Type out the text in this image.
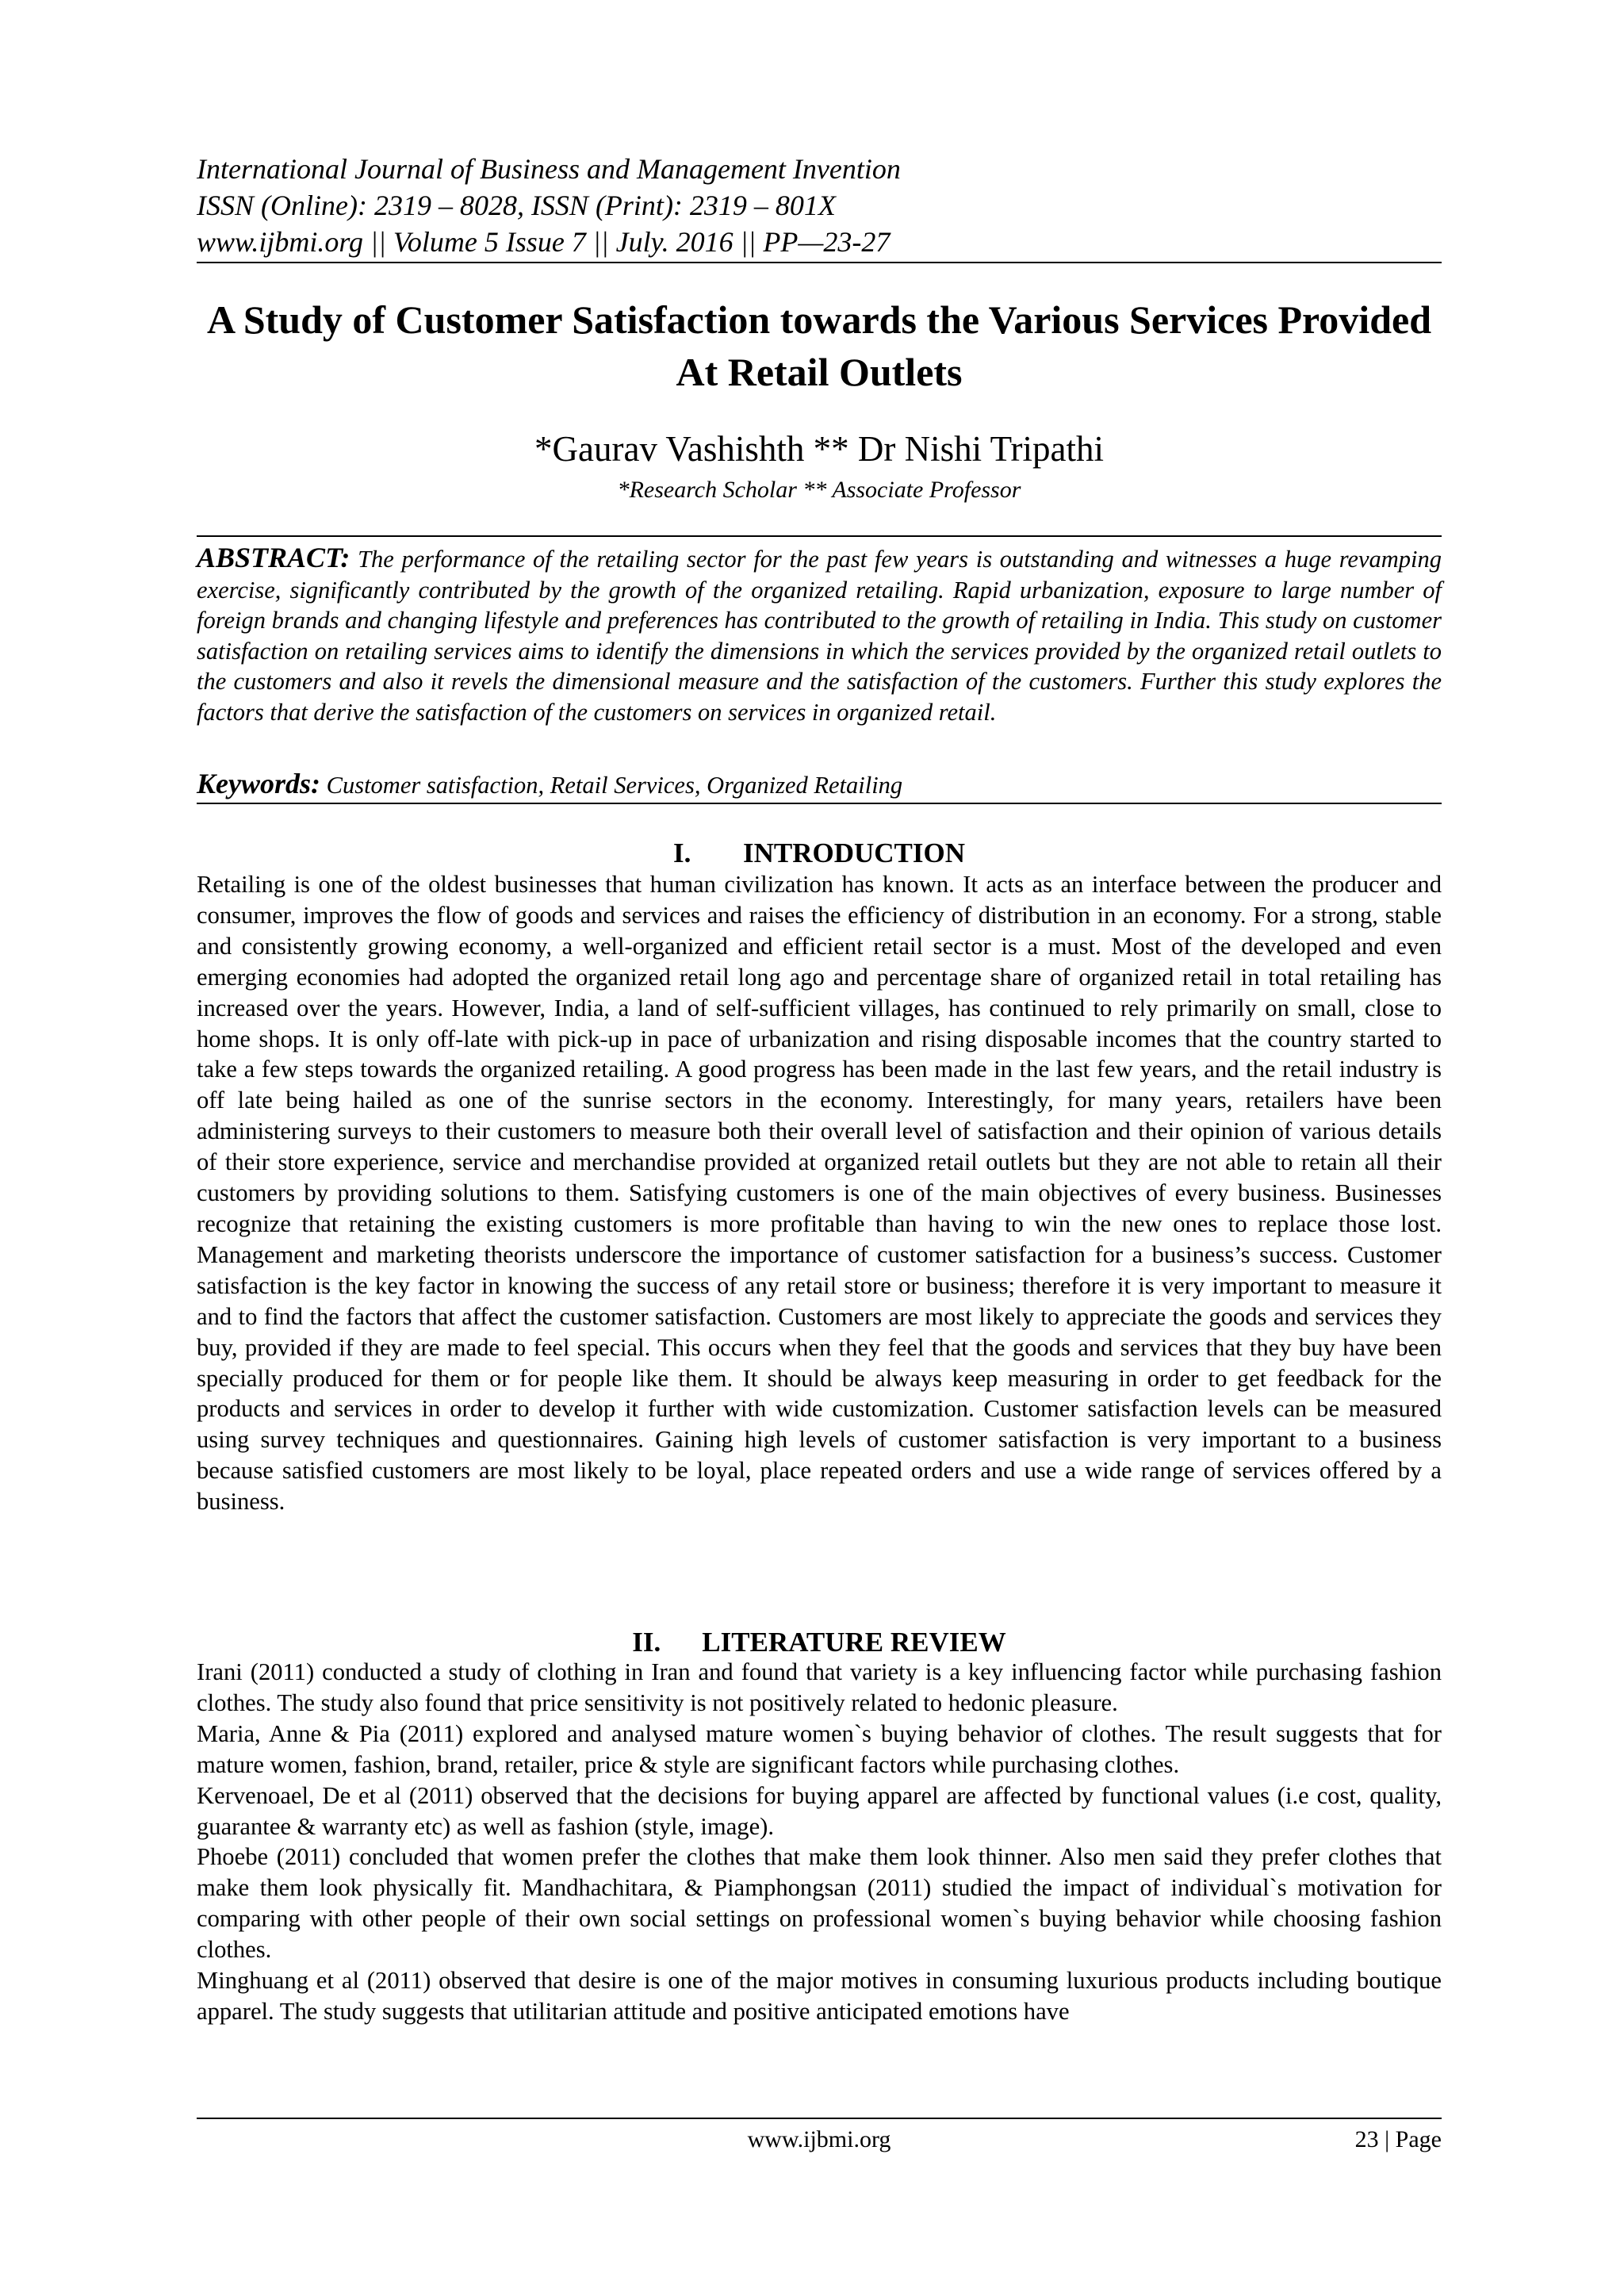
International Journal of Business and Management Invention
ISSN (Online): 2319 – 8028, ISSN (Print): 2319 – 801X
www.ijbmi.org || Volume 5 Issue 7 || July. 2016 || PP—23-27
A Study of Customer Satisfaction towards the Various Services Provided At Retail Outlets
*Gaurav Vashishth ** Dr Nishi Tripathi
*Research Scholar ** Associate Professor
ABSTRACT: The performance of the retailing sector for the past few years is outstanding and witnesses a huge revamping exercise, significantly contributed by the growth of the organized retailing. Rapid urbanization, exposure to large number of foreign brands and changing lifestyle and preferences has contributed to the growth of retailing in India. This study on customer satisfaction on retailing services aims to identify the dimensions in which the services provided by the organized retail outlets to the customers and also it revels the dimensional measure and the satisfaction of the customers. Further this study explores the factors that derive the satisfaction of the customers on services in organized retail.
Keywords: Customer satisfaction, Retail Services, Organized Retailing
I. INTRODUCTION
Retailing is one of the oldest businesses that human civilization has known. It acts as an interface between the producer and consumer, improves the flow of goods and services and raises the efficiency of distribution in an economy. For a strong, stable and consistently growing economy, a well-organized and efficient retail sector is a must. Most of the developed and even emerging economies had adopted the organized retail long ago and percentage share of organized retail in total retailing has increased over the years. However, India, a land of self-sufficient villages, has continued to rely primarily on small, close to home shops. It is only off-late with pick-up in pace of urbanization and rising disposable incomes that the country started to take a few steps towards the organized retailing. A good progress has been made in the last few years, and the retail industry is off late being hailed as one of the sunrise sectors in the economy. Interestingly, for many years, retailers have been administering surveys to their customers to measure both their overall level of satisfaction and their opinion of various details of their store experience, service and merchandise provided at organized retail outlets but they are not able to retain all their customers by providing solutions to them. Satisfying customers is one of the main objectives of every business. Businesses recognize that retaining the existing customers is more profitable than having to win the new ones to replace those lost. Management and marketing theorists underscore the importance of customer satisfaction for a business’s success. Customer satisfaction is the key factor in knowing the success of any retail store or business; therefore it is very important to measure it and to find the factors that affect the customer satisfaction. Customers are most likely to appreciate the goods and services they buy, provided if they are made to feel special. This occurs when they feel that the goods and services that they buy have been specially produced for them or for people like them. It should be always keep measuring in order to get feedback for the products and services in order to develop it further with wide customization. Customer satisfaction levels can be measured using survey techniques and questionnaires. Gaining high levels of customer satisfaction is very important to a business because satisfied customers are most likely to be loyal, place repeated orders and use a wide range of services offered by a business.
II. LITERATURE REVIEW

Irani (2011) conducted a study of clothing in Iran and found that variety is a key influencing factor while purchasing fashion clothes. The study also found that price sensitivity is not positively related to hedonic pleasure.

Maria, Anne & Pia (2011) explored and analysed mature women`s buying behavior of clothes. The result suggests that for mature women, fashion, brand, retailer, price & style are significant factors while purchasing clothes.

Kervenoael, De et al (2011) observed that the decisions for buying apparel are affected by functional values (i.e cost, quality, guarantee & warranty etc) as well as fashion (style, image).

Phoebe (2011) concluded that women prefer the clothes that make them look thinner. Also men said they prefer clothes that make them look physically fit. Mandhachitara, & Piamphongsan (2011) studied the impact of individual`s motivation for comparing with other people of their own social settings on professional women`s buying behavior while choosing fashion clothes.

Minghuang et al (2011) observed that desire is one of the major motives in consuming luxurious products including boutique apparel. The study suggests that utilitarian attitude and positive anticipated emotions have

www.ijbmi.org	23 | Page
